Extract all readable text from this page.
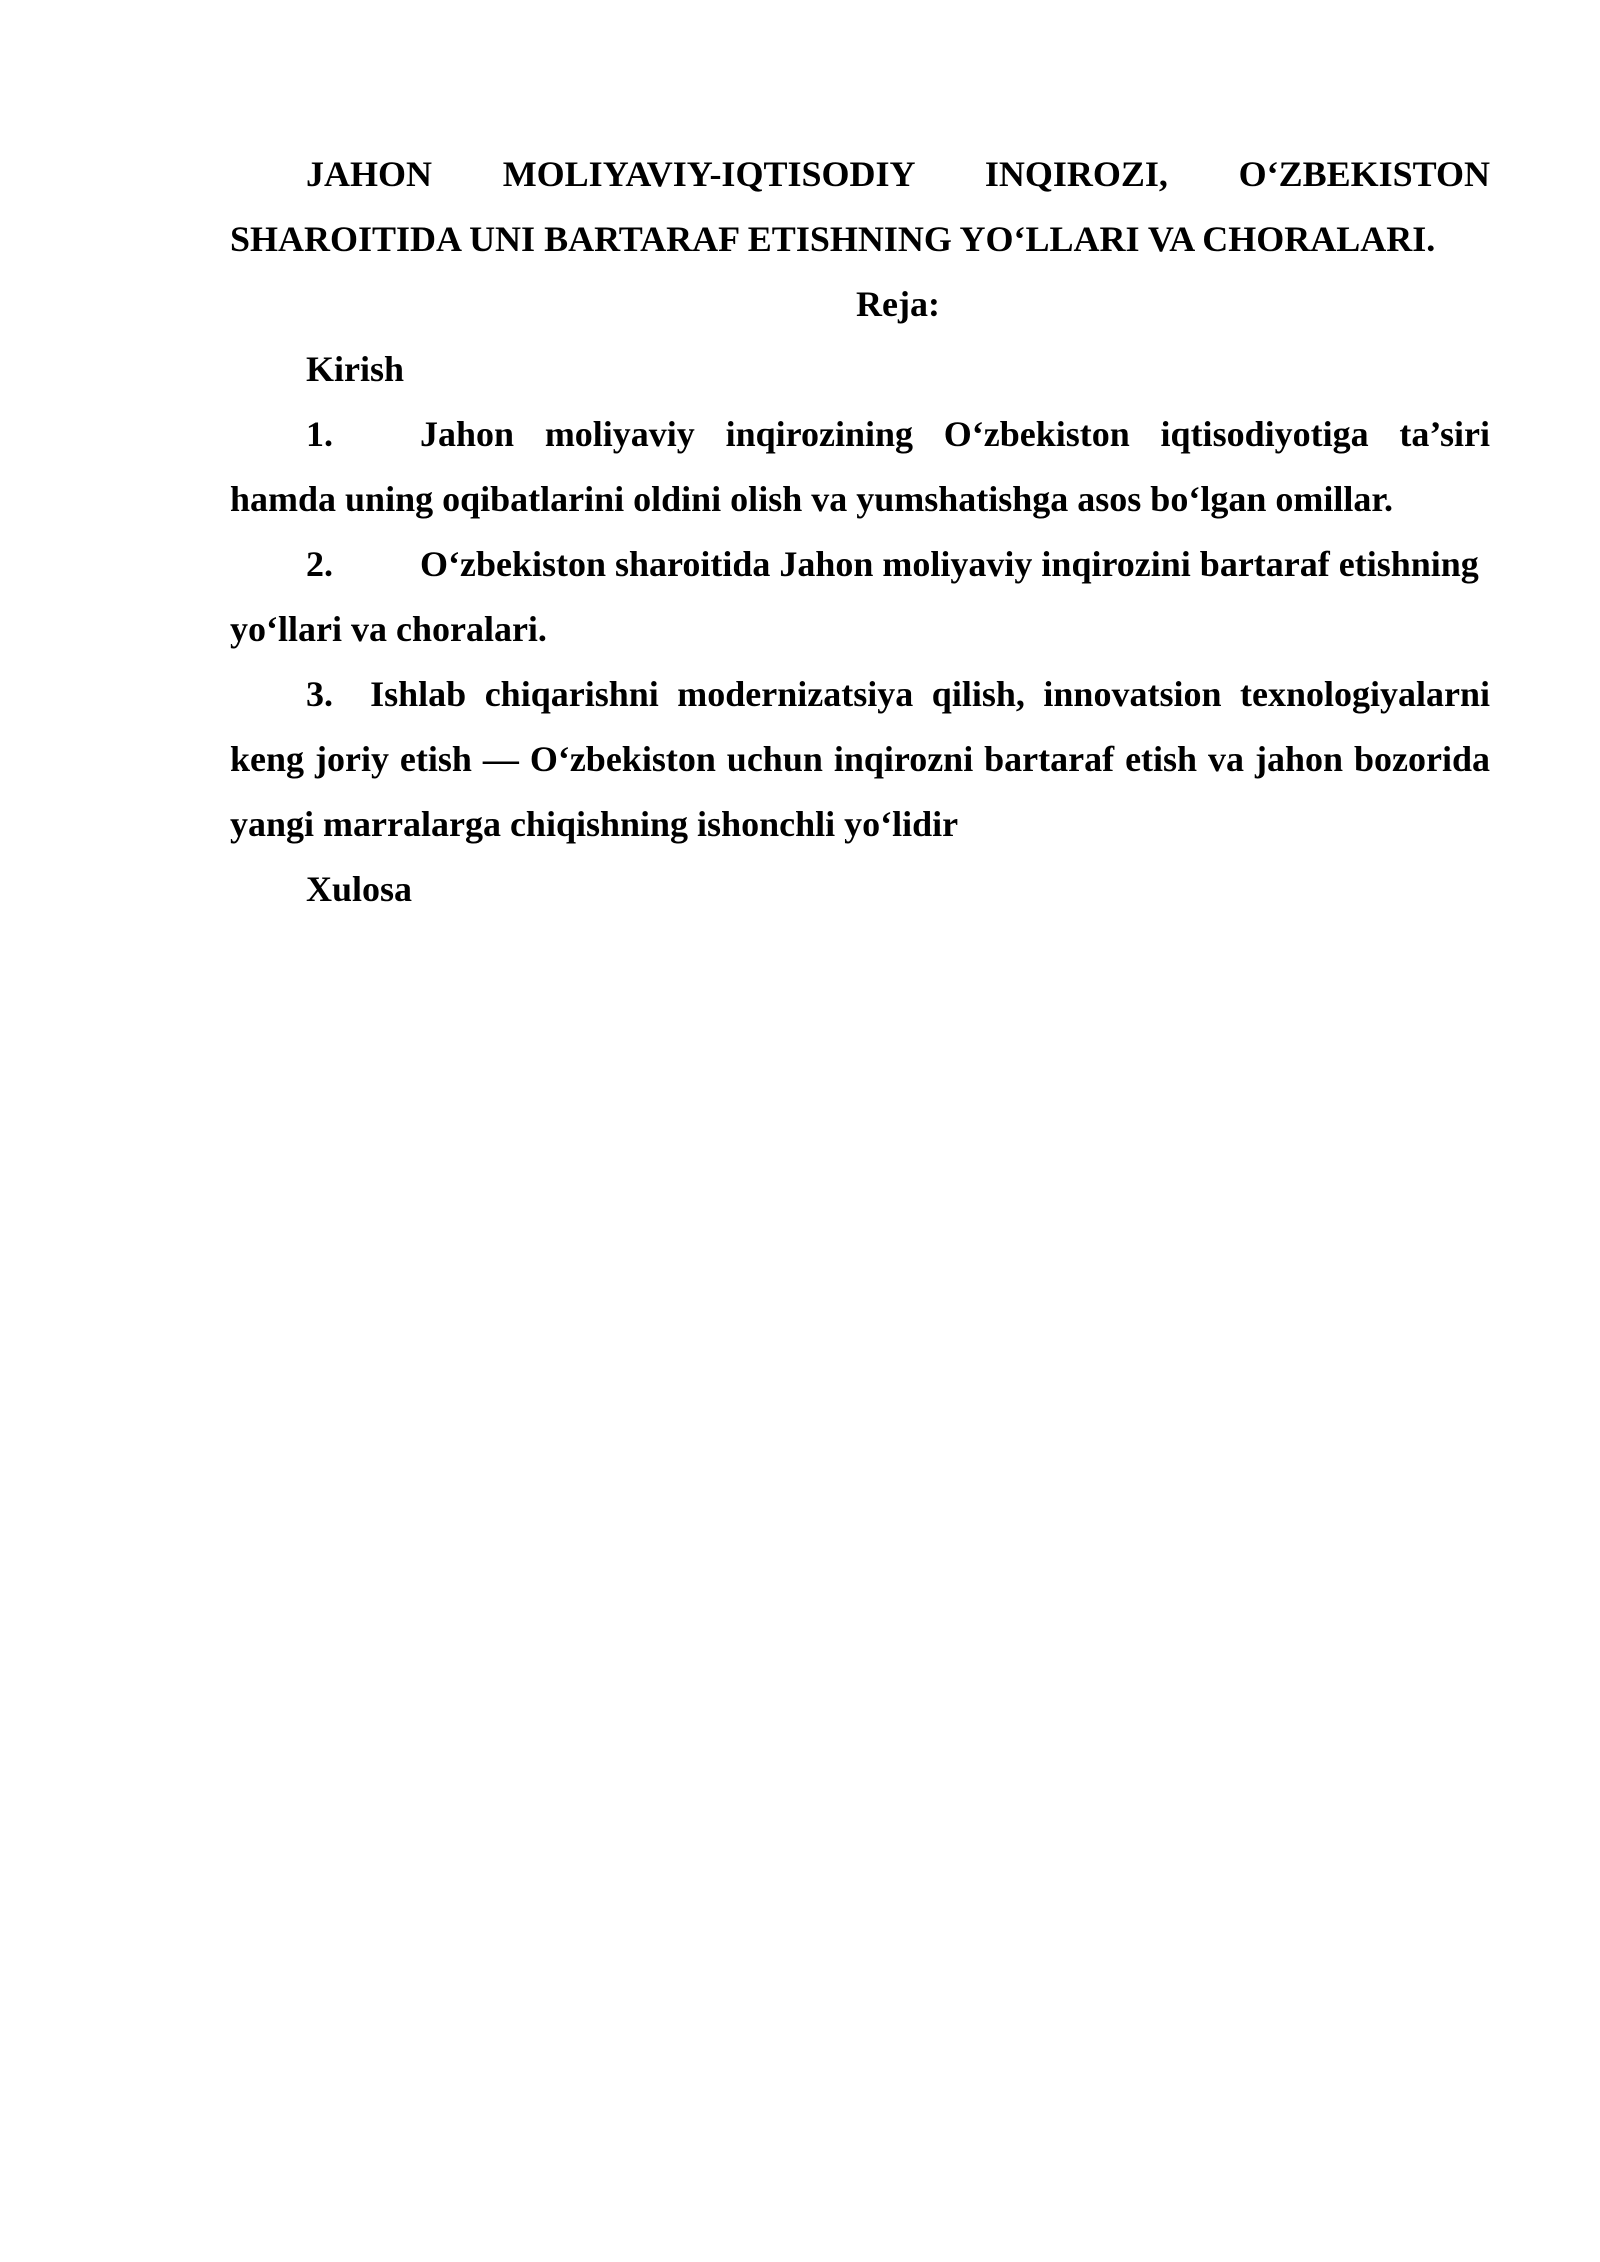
JAHON MOLIYAVIY-IQTISODIY INQIROZI, O‘ZBEKISTON SHAROITIDA UNI BARTARAF ETISHNING YO‘LLARI VA CHORALARI.

Reja:

Kirish

1. Jahon moliyaviy inqirozining O‘zbekiston iqtisodiyotiga ta’siri hamda uning oqibatlarini oldini olish va yumshatishga asos bo‘lgan omillar.

2. O‘zbekiston sharoitida Jahon moliyaviy inqirozini bartaraf etishning yo‘llari va choralari.

3. Ishlab chiqarishni modernizatsiya qilish, innovatsion texnologiyalarni keng joriy etish — O‘zbekiston uchun inqirozni bartaraf etish va jahon bozorida yangi marralarga chiqishning ishonchli yo‘lidir

Xulosa
